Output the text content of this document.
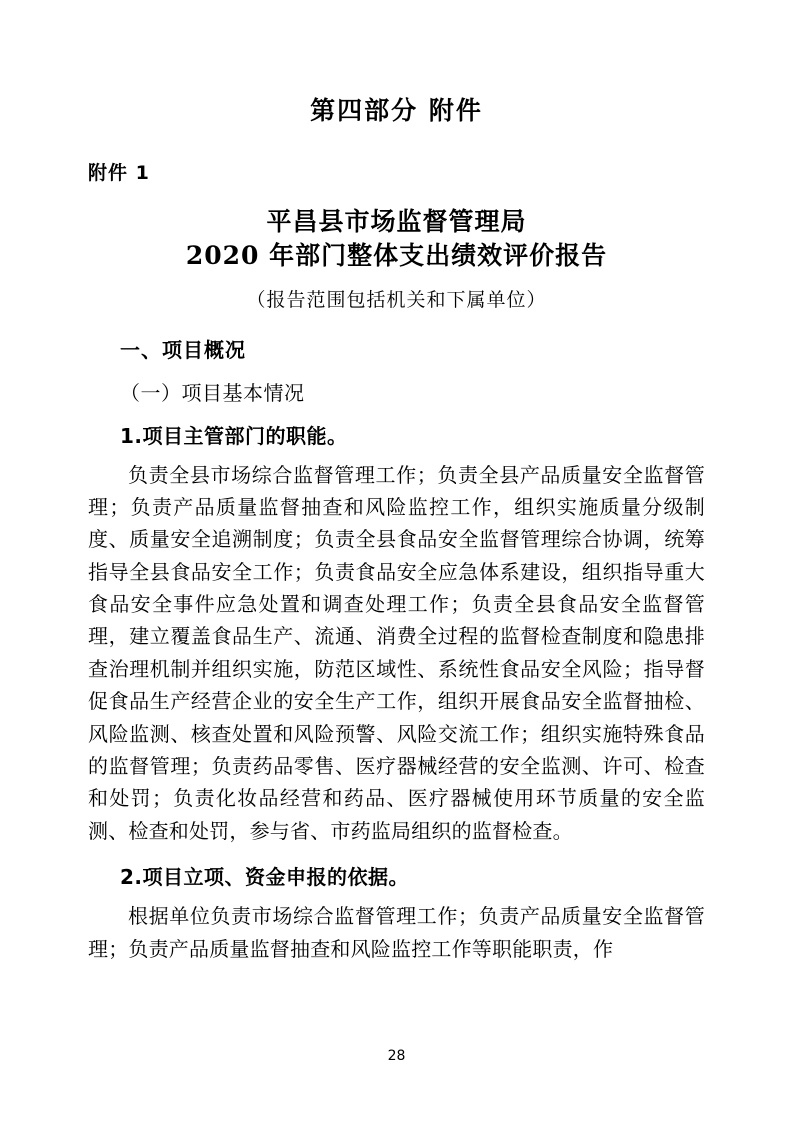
第四部分 附件
附件 1
平昌县市场监督管理局
2020 年部门整体支出绩效评价报告
（报告范围包括机关和下属单位）
一、项目概况
（一）项目基本情况
1.项目主管部门的职能。
负责全县市场综合监督管理工作；负责全县产品质量安全监督管理；负责产品质量监督抽查和风险监控工作，组织实施质量分级制度、质量安全追溯制度；负责全县食品安全监督管理综合协调，统筹指导全县食品安全工作；负责食品安全应急体系建设，组织指导重大食品安全事件应急处置和调查处理工作；负责全县食品安全监督管理，建立覆盖食品生产、流通、消费全过程的监督检查制度和隐患排查治理机制并组织实施，防范区域性、系统性食品安全风险；指导督促食品生产经营企业的安全生产工作，组织开展食品安全监督抽检、风险监测、核查处置和风险预警、风险交流工作；组织实施特殊食品的监督管理；负责药品零售、医疗器械经营的安全监测、许可、检查和处罚；负责化妆品经营和药品、医疗器械使用环节质量的安全监测、检查和处罚，参与省、市药监局组织的监督检查。
2.项目立项、资金申报的依据。
根据单位负责市场综合监督管理工作；负责产品质量安全监督管理；负责产品质量监督抽查和风险监控工作等职能职责，作
28
